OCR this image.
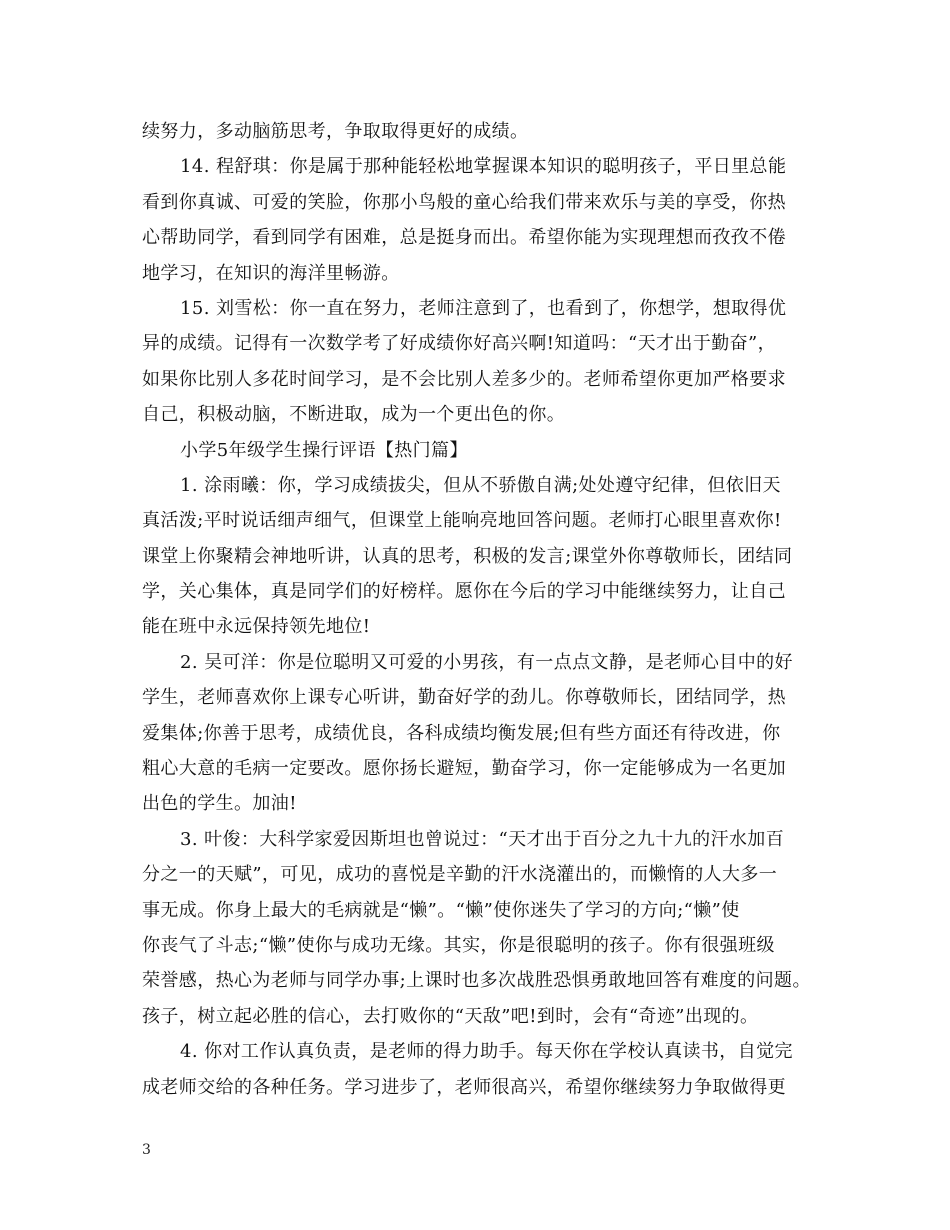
续努力，多动脑筋思考，争取取得更好的成绩。
14. 程舒琪：你是属于那种能轻松地掌握课本知识的聪明孩子，平日里总能
看到你真诚、可爱的笑脸，你那小鸟般的童心给我们带来欢乐与美的享受，你热
心帮助同学，看到同学有困难，总是挺身而出。希望你能为实现理想而孜孜不倦
地学习，在知识的海洋里畅游。
15. 刘雪松：你一直在努力，老师注意到了，也看到了，你想学，想取得优
异的成绩。记得有一次数学考了好成绩你好高兴啊!知道吗：“天才出于勤奋”，
如果你比别人多花时间学习，是不会比别人差多少的。老师希望你更加严格要求
自己，积极动脑，不断进取，成为一个更出色的你。
小学5年级学生操行评语【热门篇】
1. 涂雨曦：你，学习成绩拔尖，但从不骄傲自满;处处遵守纪律，但依旧天
真活泼;平时说话细声细气，但课堂上能响亮地回答问题。老师打心眼里喜欢你!
课堂上你聚精会神地听讲，认真的思考，积极的发言;课堂外你尊敬师长，团结同
学，关心集体，真是同学们的好榜样。愿你在今后的学习中能继续努力，让自己
能在班中永远保持领先地位!
2. 吴可洋：你是位聪明又可爱的小男孩，有一点点文静，是老师心目中的好
学生，老师喜欢你上课专心听讲，勤奋好学的劲儿。你尊敬师长，团结同学，热
爱集体;你善于思考，成绩优良，各科成绩均衡发展;但有些方面还有待改进，你
粗心大意的毛病一定要改。愿你扬长避短，勤奋学习，你一定能够成为一名更加
出色的学生。加油!
3. 叶俊：大科学家爱因斯坦也曾说过：“天才出于百分之九十九的汗水加百
分之一的天赋”，可见，成功的喜悦是辛勤的汗水浇灌出的，而懒惰的人大多一
事无成。你身上最大的毛病就是“懒”。“懒”使你迷失了学习的方向;“懒”使
你丧气了斗志;“懒”使你与成功无缘。其实，你是很聪明的孩子。你有很强班级
荣誉感，热心为老师与同学办事;上课时也多次战胜恐惧勇敢地回答有难度的问题。
孩子，树立起必胜的信心，去打败你的“天敌”吧!到时，会有“奇迹”出现的。
4. 你对工作认真负责，是老师的得力助手。每天你在学校认真读书，自觉完
成老师交给的各种任务。学习进步了，老师很高兴，希望你继续努力争取做得更
3
